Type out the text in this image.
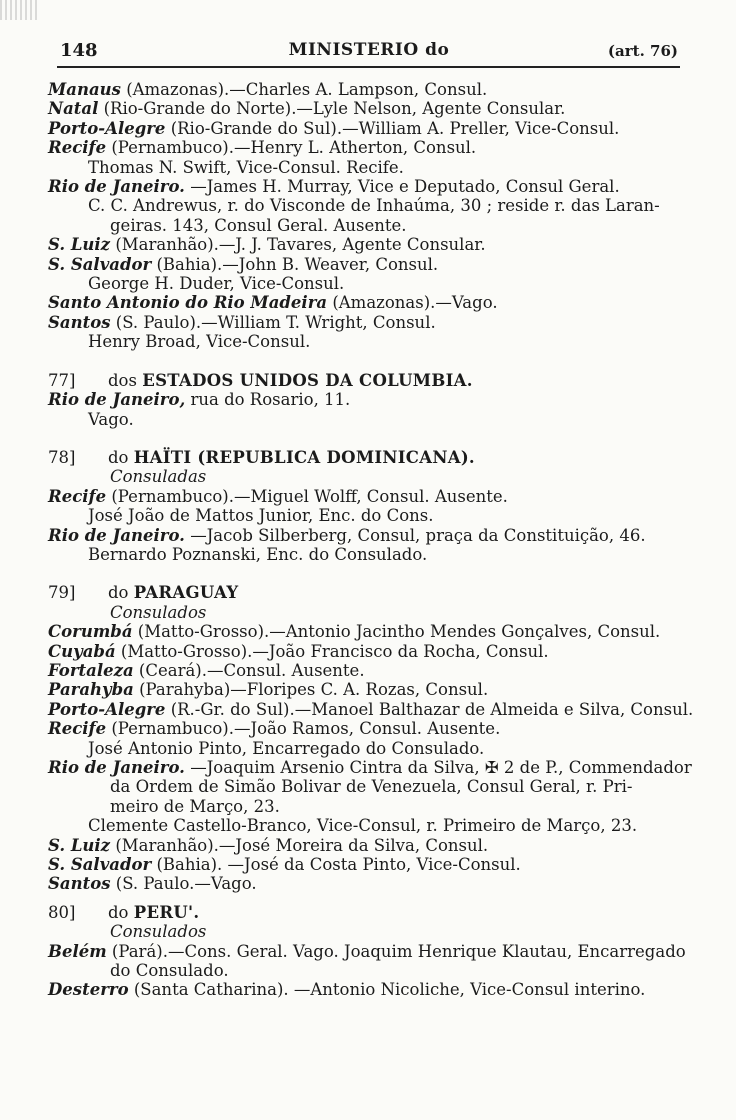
148	MINISTERIO do	(art. 76)
Manaus (Amazonas).—Charles A. Lampson, Consul.
Natal (Rio-Grande do Norte).—Lyle Nelson, Agente Consular.
Porto-Alegre (Rio-Grande do Sul).—William A. Preller, Vice-Consul.
Recife (Pernambuco).—Henry L. Atherton, Consul.
Thomas N. Swift, Vice-Consul. Recife.
Rio de Janeiro. —James H. Murray, Vice e Deputado, Consul Geral.
C. C. Andrewus, r. do Visconde de Inhaúma, 30 ; reside r. das Laran-
geiras. 143, Consul Geral. Ausente.
S. Luiz (Maranhão).—J. J. Tavares, Agente Consular.
S. Salvador (Bahia).—John B. Weaver, Consul.
George H. Duder, Vice-Consul.
Santo Antonio do Rio Madeira (Amazonas).—Vago.
Santos (S. Paulo).—William T. Wright, Consul.
Henry Broad, Vice-Consul.
77] dos ESTADOS UNIDOS DA COLUMBIA.
Rio de Janeiro, rua do Rosario, 11.
Vago.
78] do HAÏTI (REPUBLICA DOMINICANA).
Consuladas
Recife (Pernambuco).—Miguel Wolff, Consul. Ausente.
José João de Mattos Junior, Enc. do Cons.
Rio de Janeiro. —Jacob Silberberg, Consul, praça da Constituição, 46.
Bernardo Poznanski, Enc. do Consulado.
79] do PARAGUAY
Consulados
Corumbá (Matto-Grosso).—Antonio Jacintho Mendes Gonçalves, Consul.
Cuyabá (Matto-Grosso).—João Francisco da Rocha, Consul.
Fortaleza (Ceará).—Consul. Ausente.
Parahyba (Parahyba)—Floripes C. A. Rozas, Consul.
Porto-Alegre (R.-Gr. do Sul).—Manoel Balthazar de Almeida e Silva, Consul.
Recife (Pernambuco).—João Ramos, Consul. Ausente.
José Antonio Pinto, Encarregado do Consulado.
Rio de Janeiro. —Joaquim Arsenio Cintra da Silva, ✠ 2 de P., Commendador
da Ordem de Simão Bolivar de Venezuela, Consul Geral, r. Pri-
meiro de Março, 23.
Clemente Castello-Branco, Vice-Consul, r. Primeiro de Março, 23.
S. Luiz (Maranhão).—José Moreira da Silva, Consul.
S. Salvador (Bahia). —José da Costa Pinto, Vice-Consul.
Santos (S. Paulo.—Vago.
80] do PERU'.
Consulados
Belém (Pará).—Cons. Geral. Vago. Joaquim Henrique Klautau, Encarregado
do Consulado.
Desterro (Santa Catharina). —Antonio Nicoliche, Vice-Consul interino.
